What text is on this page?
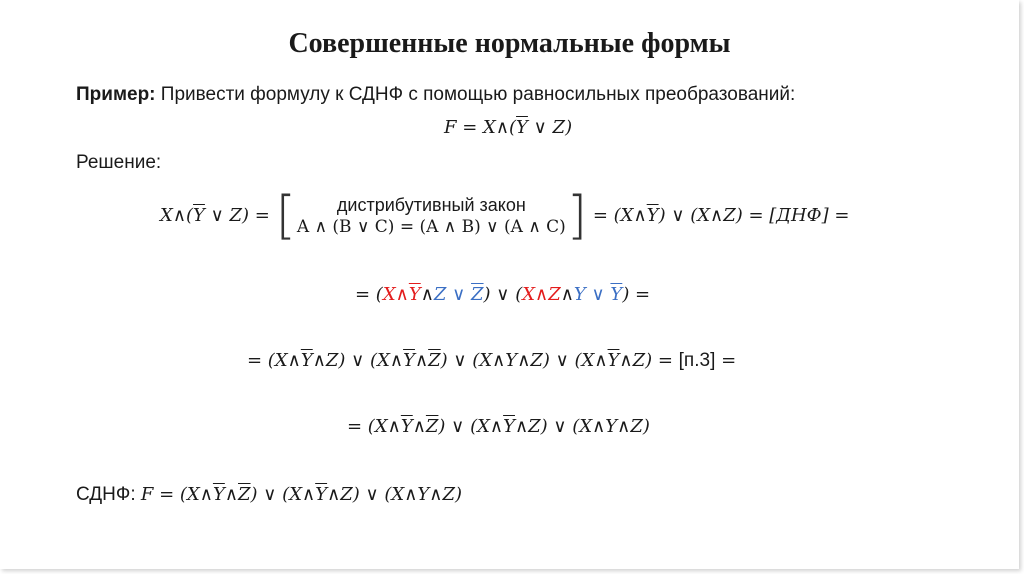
Совершенные нормальные формы
Пример: Привести формулу к СДНФ с помощью равносильных преобразований:
$F = X\wedge(\overline{Y}$ ∨ Z)
Решение:
$X\wedge(\overline{Y}$ ∨ Z) = [ дистрибутивный закон
A ∧ (B ∨ C) = (A ∧ B) ∨ (A ∧ C) ] = $(X\wedge\overline{Y})$ ∨ (X∧Z) = [ДНФ] =
= ($X\wedge\overline{Y}\wedge Z$ ∨ $\overline{Z}$) ∨ (X∧Z∧Y ∨ $\overline{Y}$) =
= $(X\wedge\overline{Y}\wedge Z)$ ∨ $(X\wedge\overline{Y}\wedge\overline{Z})$ ∨ (X∧Y∧Z) ∨ $(X\wedge\overline{Y}\wedge Z) = [п.3]$ =
= $(X\wedge\overline{Y}\wedge\overline{Z})$ ∨ $(X\wedge\overline{Y}\wedge Z)$ ∨ (X∧Y∧Z)
СДНФ: $F = (X\wedge\overline{Y}\wedge\overline{Z})$ ∨ $(X\wedge\overline{Y}\wedge Z)$ ∨ (X∧Y∧Z)
